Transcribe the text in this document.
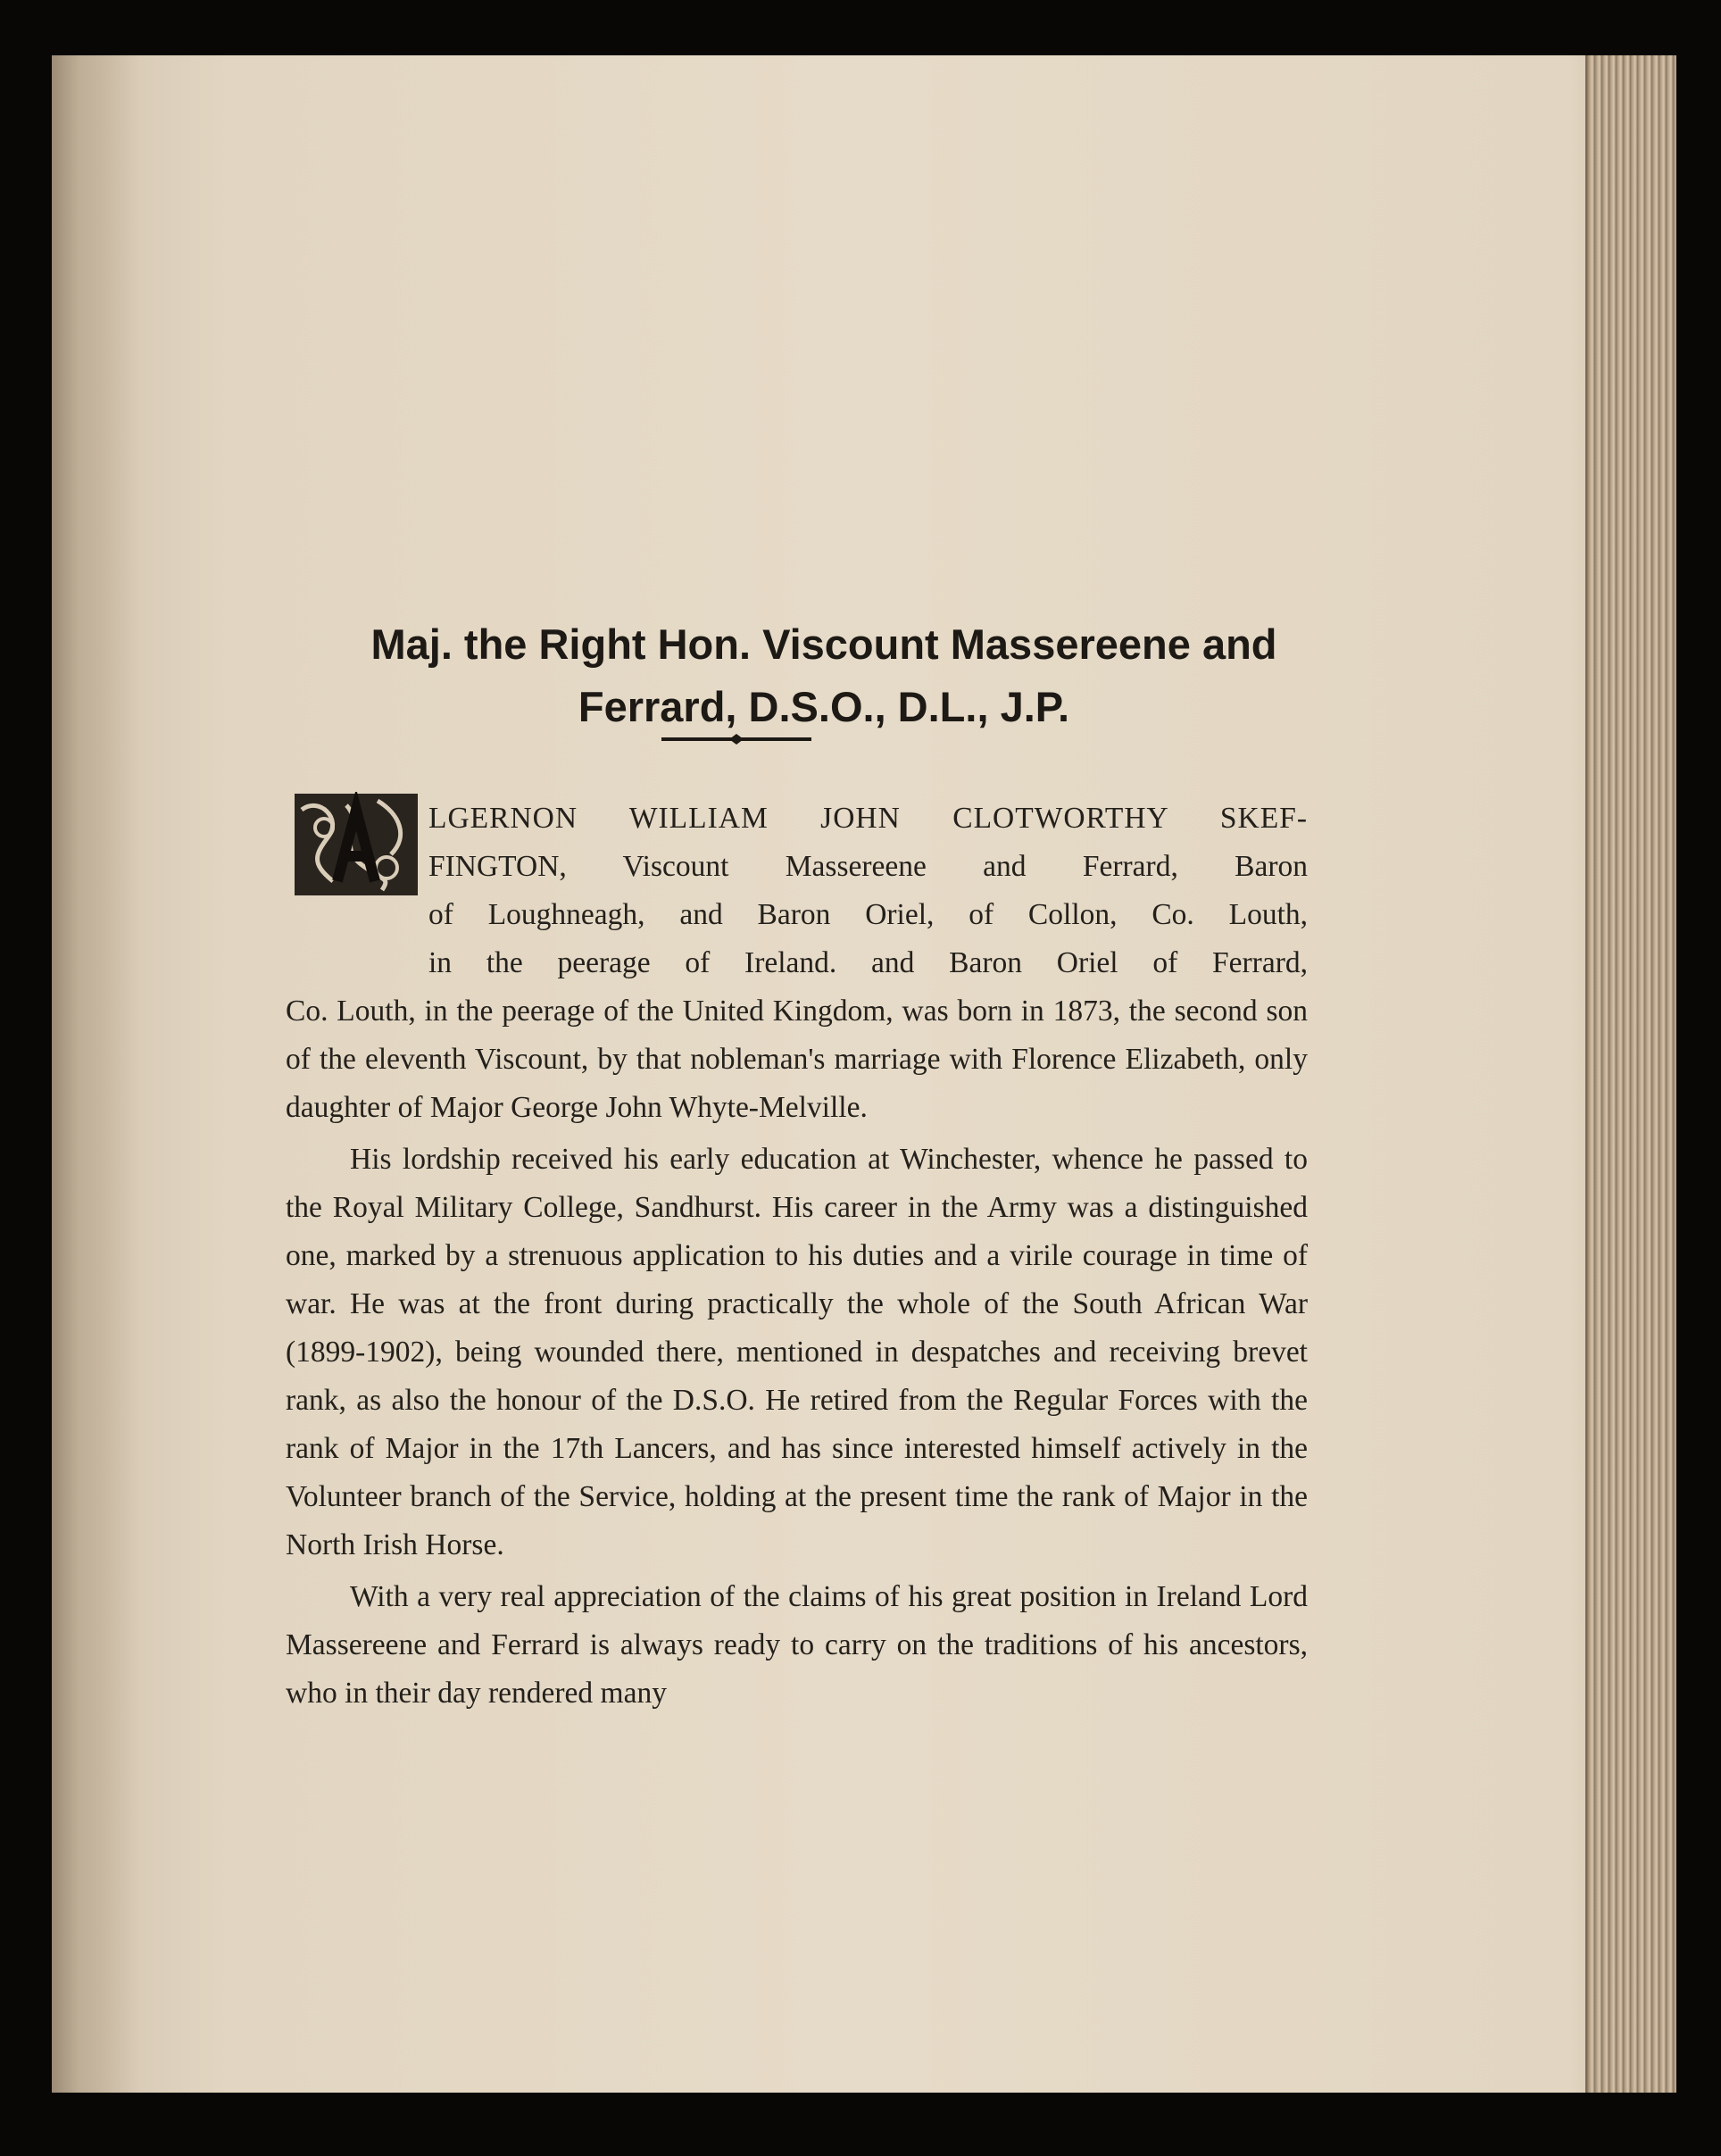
Maj. the Right Hon. Viscount Massereene and
Ferrard, D.S.O., D.L., J.P.

LGERNON WILLIAM JOHN CLOTWORTHY SKEF-

FINGTON, Viscount Massereene and Ferrard, Baron

of Loughneagh, and Baron Oriel, of Collon, Co. Louth,

in the peerage of Ireland. and Baron Oriel of Ferrard,

Co. Louth, in the peerage of the United Kingdom, was born in 1873, the second son of the eleventh Viscount, by that nobleman's marriage with Florence Elizabeth, only daughter of Major George John Whyte-Melville.

His lordship received his early education at Winchester, whence he passed to the Royal Military College, Sandhurst. His career in the Army was a distinguished one, marked by a strenuous application to his duties and a virile courage in time of war. He was at the front during practically the whole of the South African War (1899-1902), being wounded there, mentioned in despatches and receiving brevet rank, as also the honour of the D.S.O. He retired from the Regular Forces with the rank of Major in the 17th Lancers, and has since interested himself actively in the Volunteer branch of the Service, holding at the present time the rank of Major in the North Irish Horse.

With a very real appreciation of the claims of his great position in Ireland Lord Massereene and Ferrard is always ready to carry on the traditions of his ancestors, who in their day rendered many
